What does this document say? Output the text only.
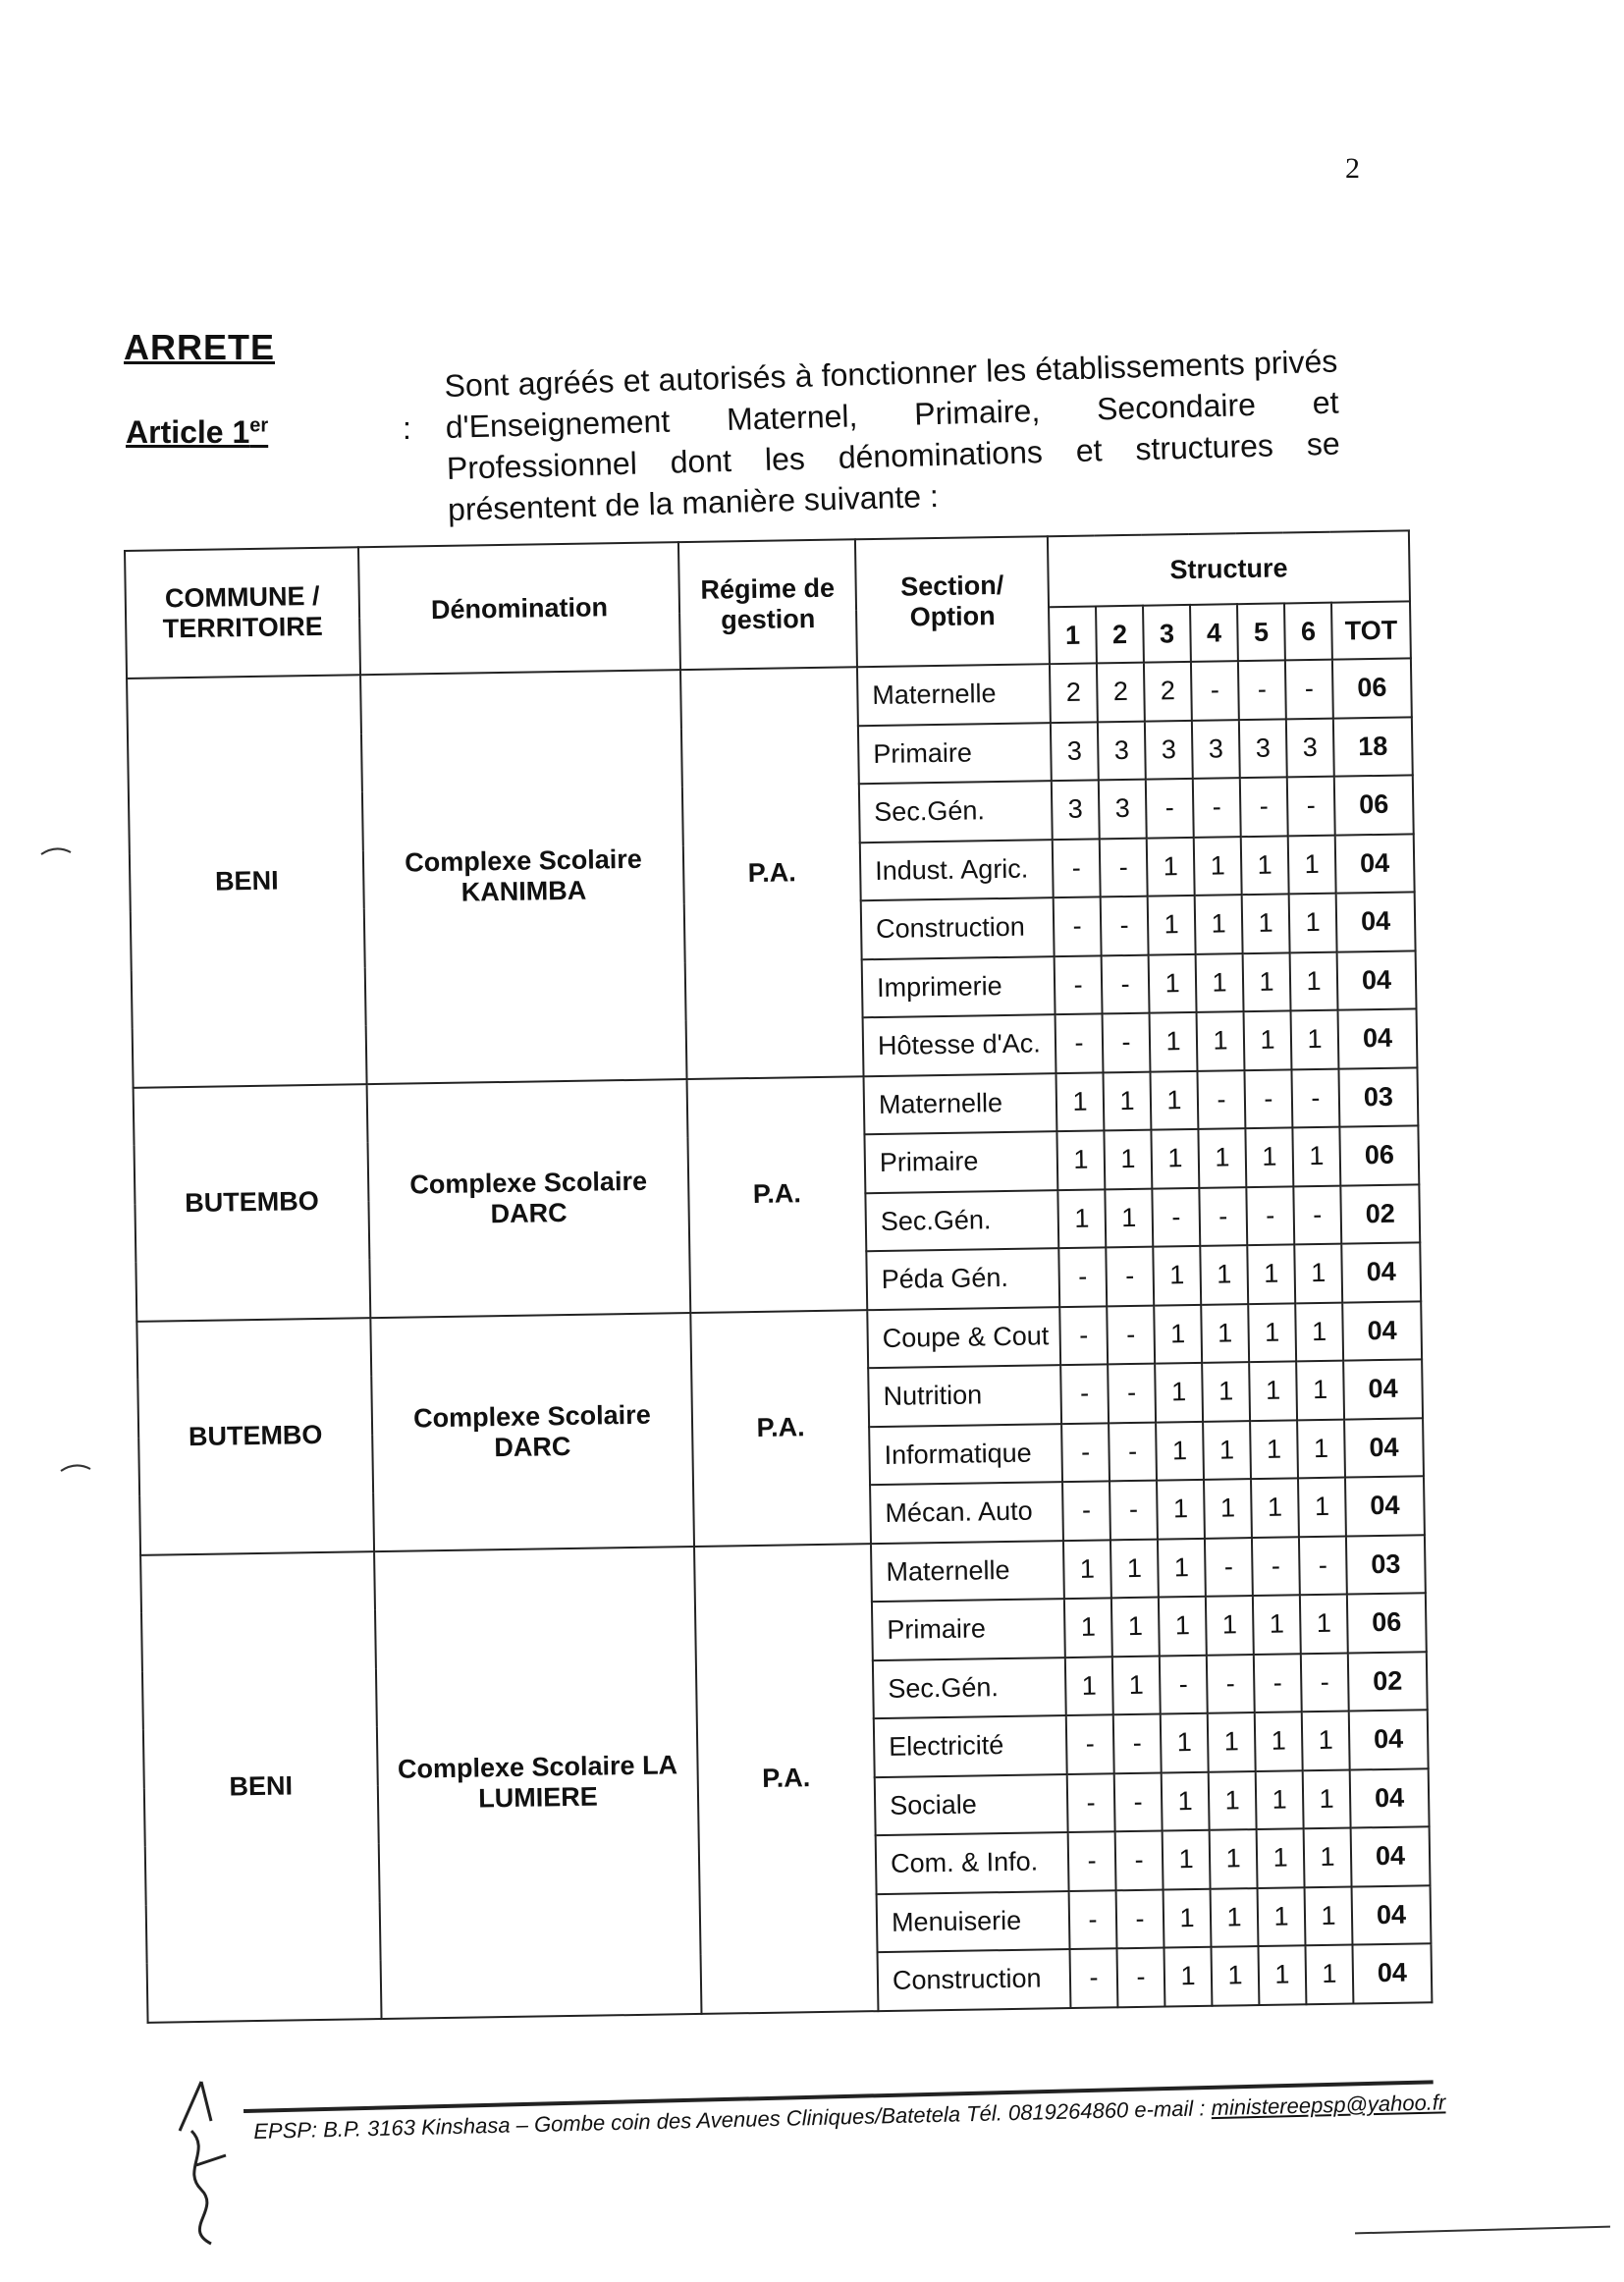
2
ARRETE
Article 1er	:
Sont agréés et autorisés à fonctionner les établissements privés d'Enseignement Maternel, Primaire, Secondaire et Professionnel dont les dénominations et structures se présentent de la manière suivante :
COMMUNE / TERRITOIRE	Dénomination	Régime de gestion	Section/ Option	Structure						
				1	2	3	4	5	6	TOT
BENI	Complexe Scolaire KANIMBA	P.A.	Maternelle	2	2	2	-	-	-	06
			Primaire	3	3	3	3	3	3	18
			Sec.Gén.	3	3	-	-	-	-	06
			Indust. Agric.	-	-	1	1	1	1	04
			Construction	-	-	1	1	1	1	04
			Imprimerie	-	-	1	1	1	1	04
			Hôtesse d'Ac.	-	-	1	1	1	1	04
BUTEMBO	Complexe Scolaire DARC	P.A.	Maternelle	1	1	1	-	-	-	03
			Primaire	1	1	1	1	1	1	06
			Sec.Gén.	1	1	-	-	-	-	02
			Péda Gén.	-	-	1	1	1	1	04
BUTEMBO	Complexe Scolaire DARC	P.A.	Coupe & Cout	-	-	1	1	1	1	04
			Nutrition	-	-	1	1	1	1	04
			Informatique	-	-	1	1	1	1	04
			Mécan. Auto	-	-	1	1	1	1	04
BENI	Complexe Scolaire LA LUMIERE	P.A.	Maternelle	1	1	1	-	-	-	03
			Primaire	1	1	1	1	1	1	06
			Sec.Gén.	1	1	-	-	-	-	02
			Electricité	-	-	1	1	1	1	04
			Sociale	-	-	1	1	1	1	04
			Com. & Info.	-	-	1	1	1	1	04
			Menuiserie	-	-	1	1	1	1	04
			Construction	-	-	1	1	1	1	04
EPSP: B.P. 3163 Kinshasa – Gombe coin des Avenues Cliniques/Batetela Tél. 0819264860 e-mail : ministereepsp@yahoo.fr
